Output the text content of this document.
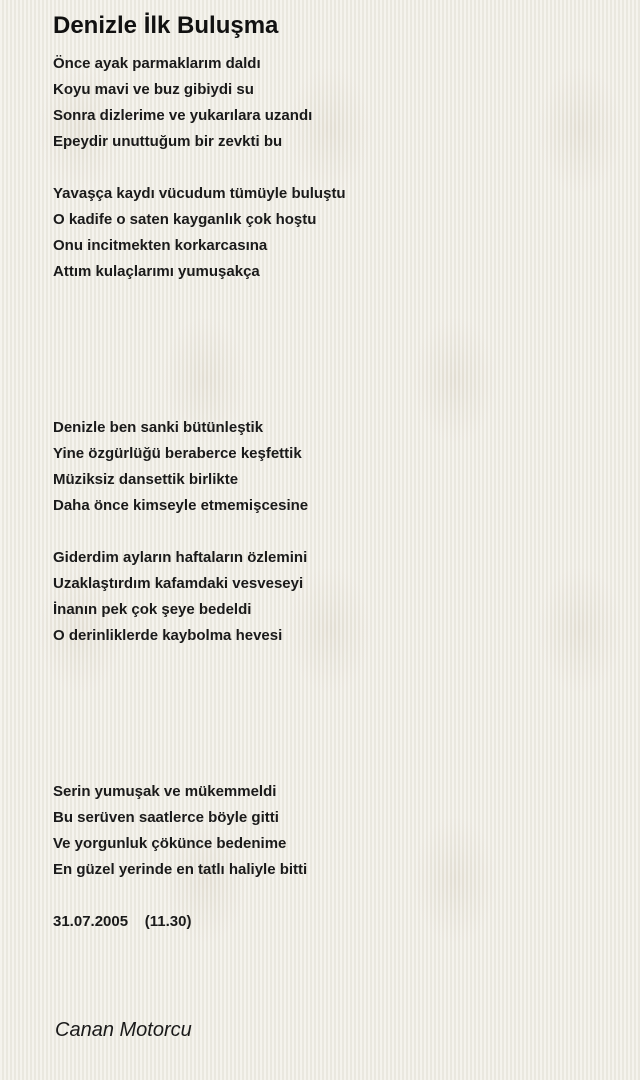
Denizle İlk Buluşma
Önce ayak parmaklarım daldı
Koyu mavi ve buz gibiydi su
Sonra dizlerime ve yukarılara uzandı
Epeydir unuttuğum bir zevkti bu
Yavaşça kaydı vücudum tümüyle buluştu
O kadife o saten kayganlık çok hoştu
Onu incitmekten korkarcasına
Attım kulaçlarımı yumuşakça
Denizle ben sanki bütünleştik
Yine özgürlüğü beraberce keşfettik
Müziksiz dansettik birlikte
Daha önce kimseyle etmemişcesine
Giderdim ayların haftaların özlemini
Uzaklaştırdım kafamdaki vesveseyi
İnanın pek çok şeye bedeldi
O derinliklerde kaybolma hevesi
Serin yumuşak ve mükemmeldi
Bu serüven saatlerce böyle gitti
Ve yorgunluk çökünce bedenime
En güzel yerinde en tatlı haliyle bitti
31.07.2005    (11.30)

Canan Motorcu
